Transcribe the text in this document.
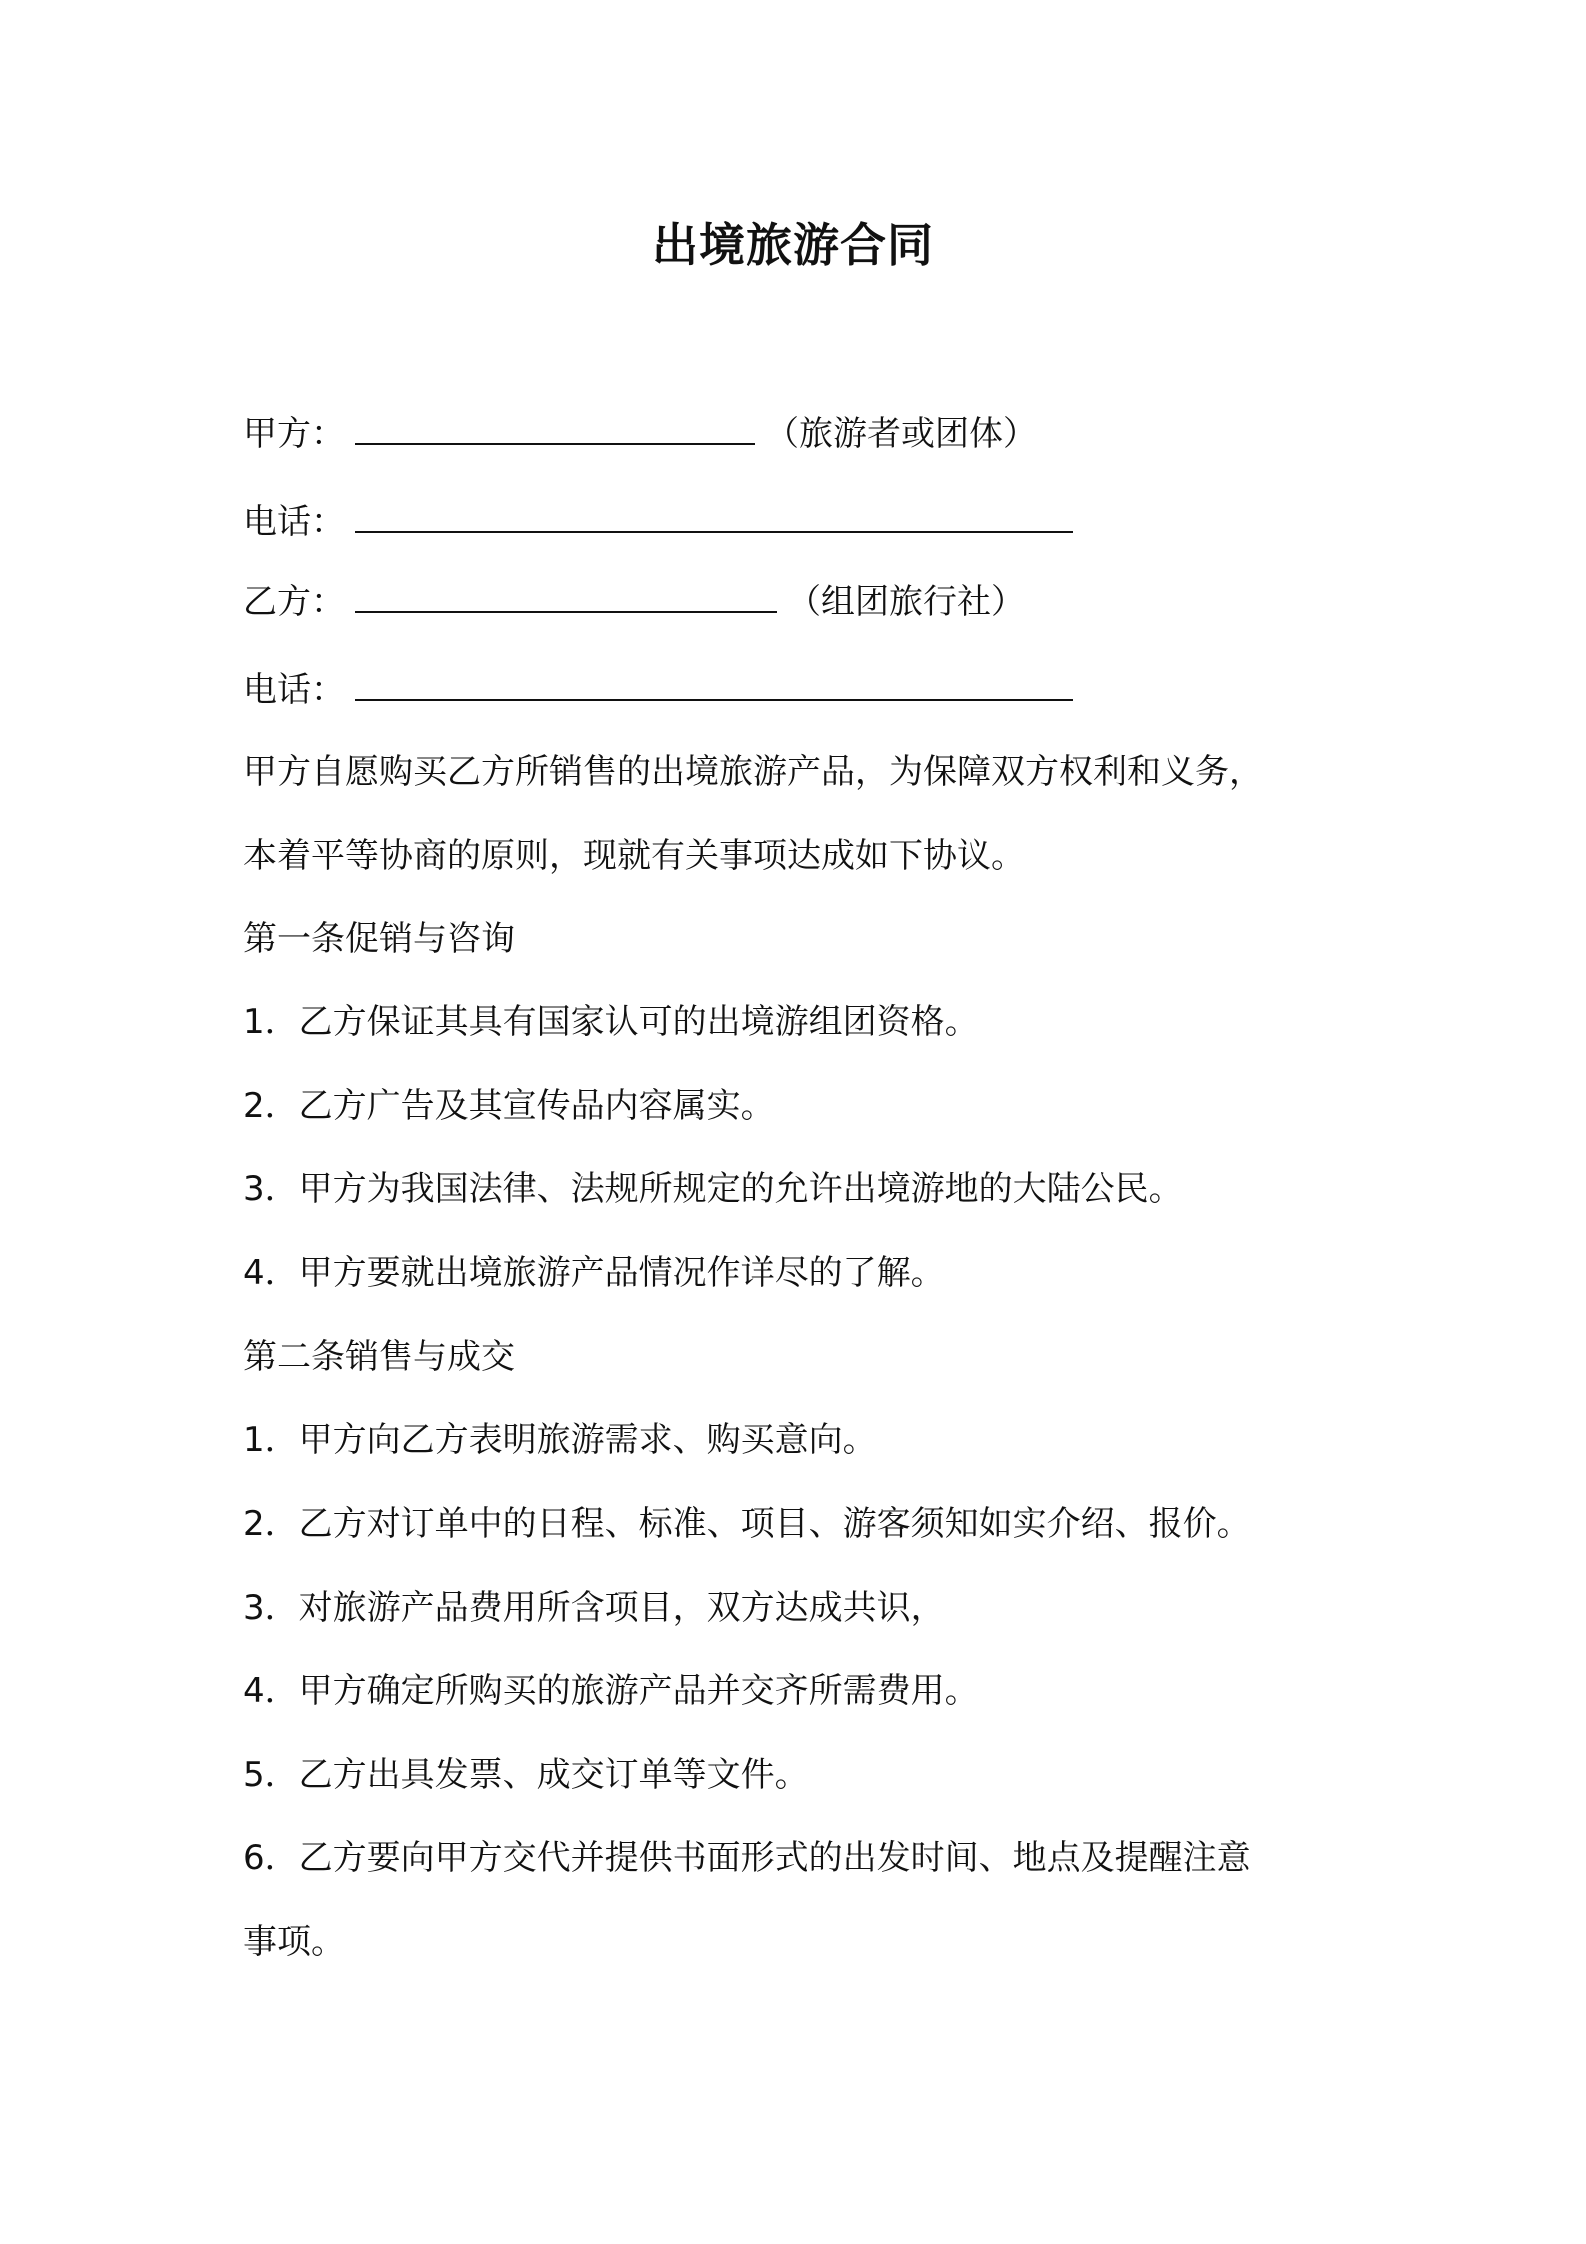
出境旅游合同
甲方：	（旅游者或团体）
电话：
乙方：	（组团旅行社）
电话：
甲方自愿购买乙方所销售的出境旅游产品，为保障双方权利和义务，
本着平等协商的原则，现就有关事项达成如下协议。
第一条促销与咨询
1．乙方保证其具有国家认可的出境游组团资格。
2．乙方广告及其宣传品内容属实。
3．甲方为我国法律、法规所规定的允许出境游地的大陆公民。
4．甲方要就出境旅游产品情况作详尽的了解。
第二条销售与成交
1．甲方向乙方表明旅游需求、购买意向。
2．乙方对订单中的日程、标准、项目、游客须知如实介绍、报价。
3．对旅游产品费用所含项目，双方达成共识，
4．甲方确定所购买的旅游产品并交齐所需费用。
5．乙方出具发票、成交订单等文件。
6．乙方要向甲方交代并提供书面形式的出发时间、地点及提醒注意
事项。
